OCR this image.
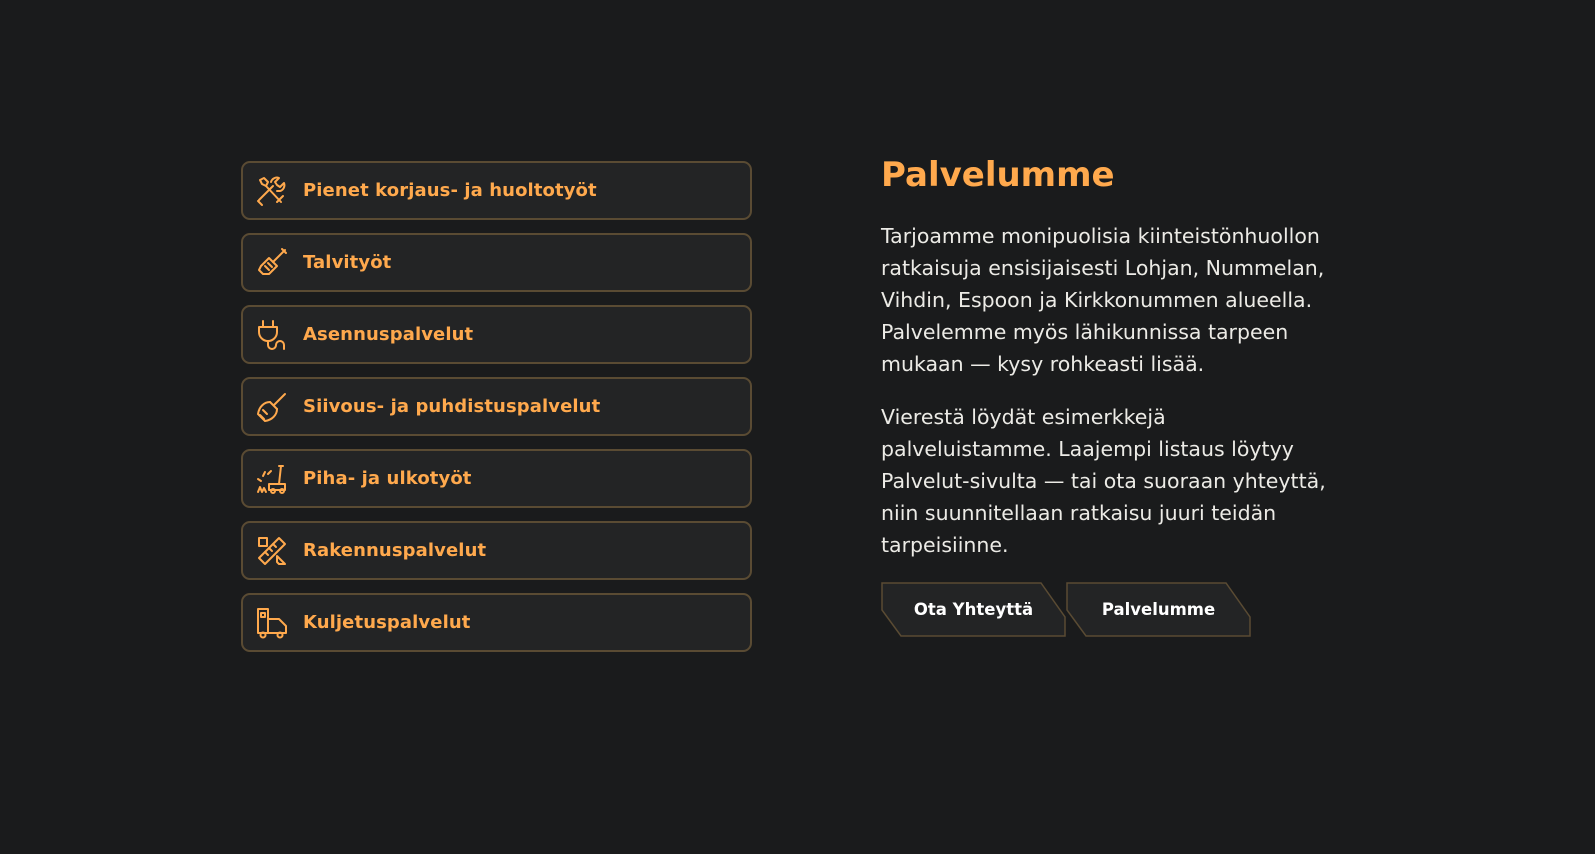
Pienet korjaus- ja huoltotyöt
Talvityöt
Asennuspalvelut
Siivous- ja puhdistuspalvelut
Piha- ja ulkotyöt
Rakennuspalvelut
Kuljetuspalvelut
Palvelumme

Tarjoamme monipuolisia kiinteistönhuollon ratkaisuja ensisijaisesti Lohjan, Nummelan, Vihdin, Espoon ja Kirkkonummen alueella. Palvelemme myös lähikunnissa tarpeen mukaan — kysy rohkeasti lisää.

Vierestä löydät esimerkkejä palveluistamme. Laajempi listaus löytyy Palvelut-sivulta — tai ota suoraan yhteyttä, niin suunnitellaan ratkaisu juuri teidän tarpeisiinne.

Ota Yhteyttä	Palvelumme
